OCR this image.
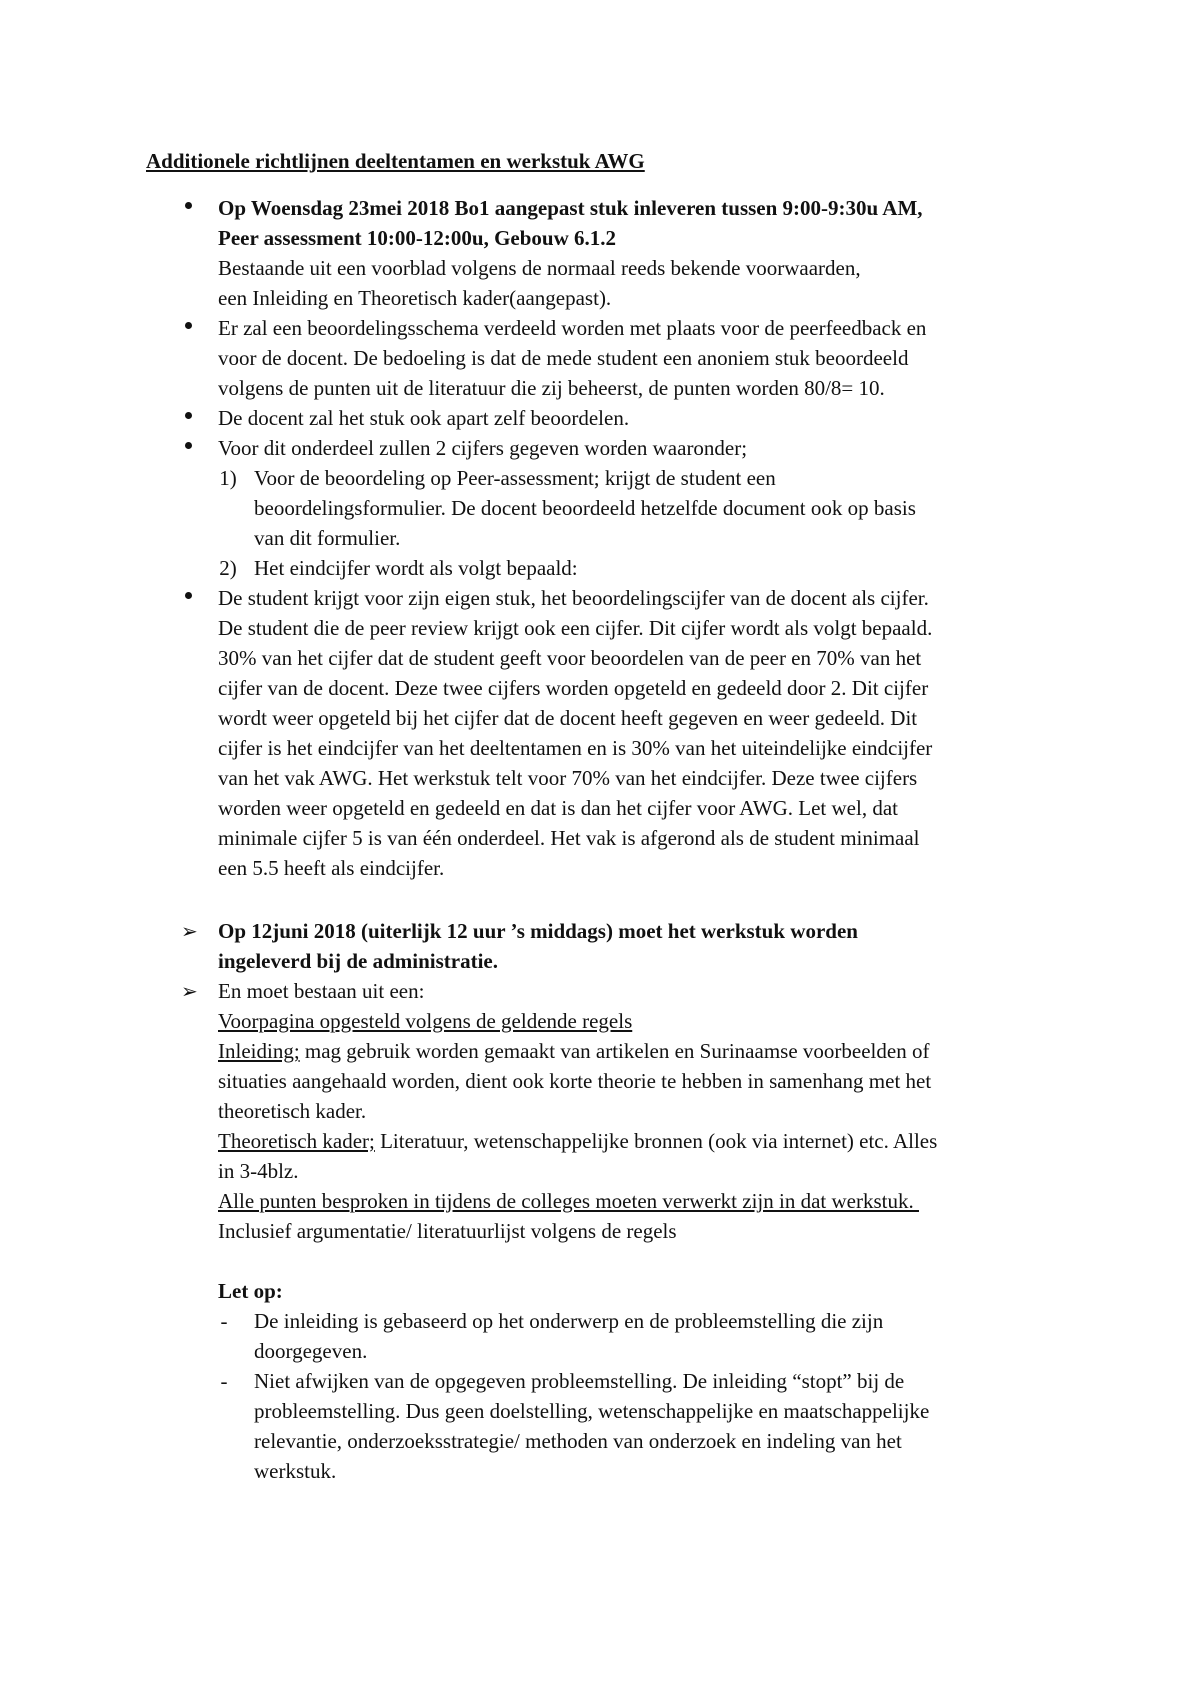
Additionele richtlijnen deeltentamen en werkstuk AWG
Op Woensdag 23mei 2018 Bo1 aangepast stuk inleveren tussen 9:00-9:30u AM,
Peer assessment 10:00-12:00u, Gebouw 6.1.2
Bestaande uit een voorblad volgens de normaal reeds bekende voorwaarden,
een Inleiding en Theoretisch kader(aangepast).
Er zal een beoordelingsschema verdeeld worden met plaats voor de peerfeedback en
voor de docent. De bedoeling is dat de mede student een anoniem stuk beoordeeld
volgens de punten uit de literatuur die zij beheerst, de punten worden 80/8= 10.
De docent zal het stuk ook apart zelf beoordelen.
Voor dit onderdeel zullen 2 cijfers gegeven worden waaronder;
1) Voor de beoordeling op Peer-assessment; krijgt de student een
beoordelingsformulier. De docent beoordeeld hetzelfde document ook op basis
van dit formulier.
2) Het eindcijfer wordt als volgt bepaald:
De student krijgt voor zijn eigen stuk, het beoordelingscijfer van de docent als cijfer.
De student die de peer review krijgt ook een cijfer. Dit cijfer wordt als volgt bepaald.
30% van het cijfer dat de student geeft voor beoordelen van de peer en 70% van het
cijfer van de docent. Deze twee cijfers worden opgeteld en gedeeld door 2. Dit cijfer
wordt weer opgeteld bij het cijfer dat de docent heeft gegeven en weer gedeeld. Dit
cijfer is het eindcijfer van het deeltentamen en is 30% van het uiteindelijke eindcijfer
van het vak AWG. Het werkstuk telt voor 70% van het eindcijfer. Deze twee cijfers
worden weer opgeteld en gedeeld en dat is dan het cijfer voor AWG. Let wel, dat
minimale cijfer 5 is van één onderdeel. Het vak is afgerond als de student minimaal
een 5.5 heeft als eindcijfer.
➢ Op 12juni 2018 (uiterlijk 12 uur ’s middags) moet het werkstuk worden
ingeleverd bij de administratie.
➢ En moet bestaan uit een:
Voorpagina opgesteld volgens de geldende regels
Inleiding; mag gebruik worden gemaakt van artikelen en Surinaamse voorbeelden of
situaties aangehaald worden, dient ook korte theorie te hebben in samenhang met het
theoretisch kader.
Theoretisch kader; Literatuur, wetenschappelijke bronnen (ook via internet) etc. Alles
in 3-4blz.
Alle punten besproken in tijdens de colleges moeten verwerkt zijn in dat werkstuk.
Inclusief argumentatie/ literatuurlijst volgens de regels
Let op:
-	De inleiding is gebaseerd op het onderwerp en de probleemstelling die zijn
doorgegeven.
-	Niet afwijken van de opgegeven probleemstelling. De inleiding “stopt” bij de
probleemstelling. Dus geen doelstelling, wetenschappelijke en maatschappelijke
relevantie, onderzoeksstrategie/ methoden van onderzoek en indeling van het
werkstuk.
